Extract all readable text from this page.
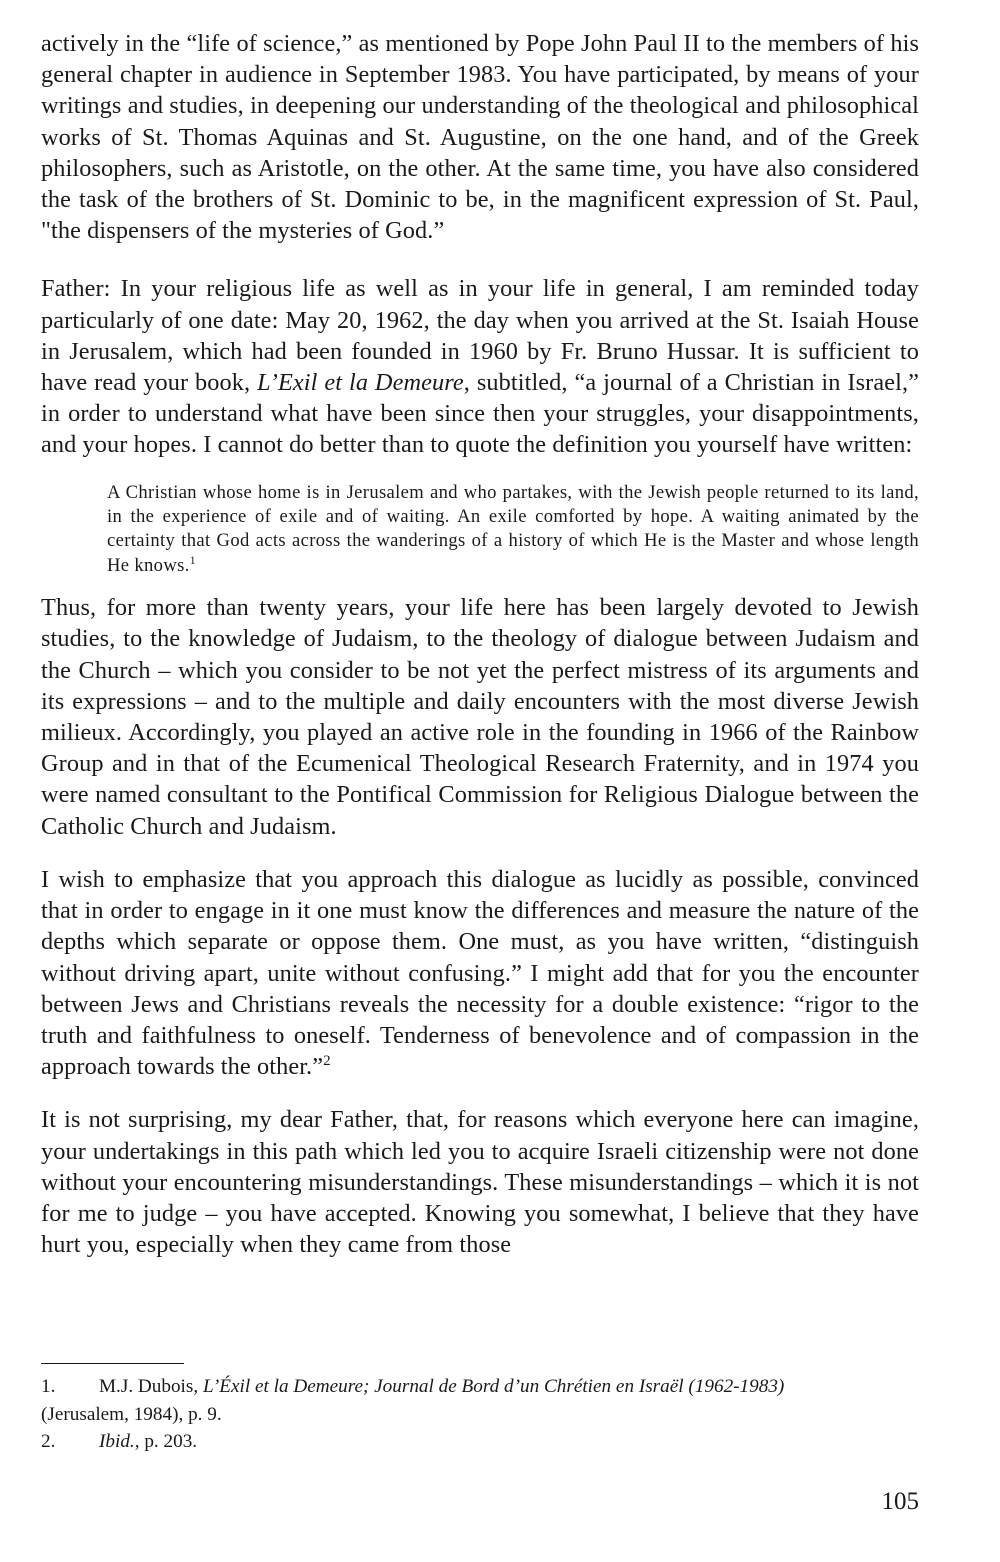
actively in the “life of science,” as mentioned by Pope John Paul II to the members of his general chapter in audience in September 1983. You have participated, by means of your writings and studies, in deepening our understanding of the theological and philosophical works of St. Thomas Aquinas and St. Augustine, on the one hand, and of the Greek philosophers, such as Aristotle, on the other. At the same time, you have also considered the task of the brothers of St. Dominic to be, in the magnificent expression of St. Paul, "the dispensers of the mysteries of God.”

Father: In your religious life as well as in your life in general, I am reminded today particularly of one date: May 20, 1962, the day when you arrived at the St. Isaiah House in Jerusalem, which had been founded in 1960 by Fr. Bruno Hussar. It is sufficient to have read your book, L’Exil et la Demeure, subtitled, “a journal of a Christian in Israel,” in order to understand what have been since then your struggles, your disappointments, and your hopes. I cannot do better than to quote the definition you yourself have written:

A Christian whose home is in Jerusalem and who partakes, with the Jewish people returned to its land, in the experience of exile and of waiting. An exile comforted by hope. A waiting animated by the certainty that God acts across the wanderings of a history of which He is the Master and whose length He knows.$^1$

Thus, for more than twenty years, your life here has been largely devoted to Jewish studies, to the knowledge of Judaism, to the theology of dialogue between Judaism and the Church – which you consider to be not yet the perfect mistress of its arguments and its expressions – and to the multiple and daily encounters with the most diverse Jewish milieux. Accordingly, you played an active role in the founding in 1966 of the Rainbow Group and in that of the Ecumenical Theological Research Fraternity, and in 1974 you were named consultant to the Pontifical Commission for Religious Dialogue between the Catholic Church and Judaism.

I wish to emphasize that you approach this dialogue as lucidly as possible, convinced that in order to engage in it one must know the differences and measure the nature of the depths which separate or oppose them. One must, as you have written, “distinguish without driving apart, unite without confusing.” I might add that for you the encounter between Jews and Christians reveals the necessity for a double existence: “rigor to the truth and faithfulness to oneself. Tenderness of benevolence and of compassion in the approach towards the other.”$^2$

It is not surprising, my dear Father, that, for reasons which everyone here can imagine, your undertakings in this path which led you to acquire Israeli citizenship were not done without your encountering misunderstandings. These misunderstandings – which it is not for me to judge – you have accepted. Knowing you somewhat, I believe that they have hurt you, especially when they came from those

1. M.J. Dubois, L’Éxil et la Demeure; Journal de Bord d’un Chrétien en Israël (1962-1983)
(Jerusalem, 1984), p. 9.
2. Ibid., p. 203.
105
